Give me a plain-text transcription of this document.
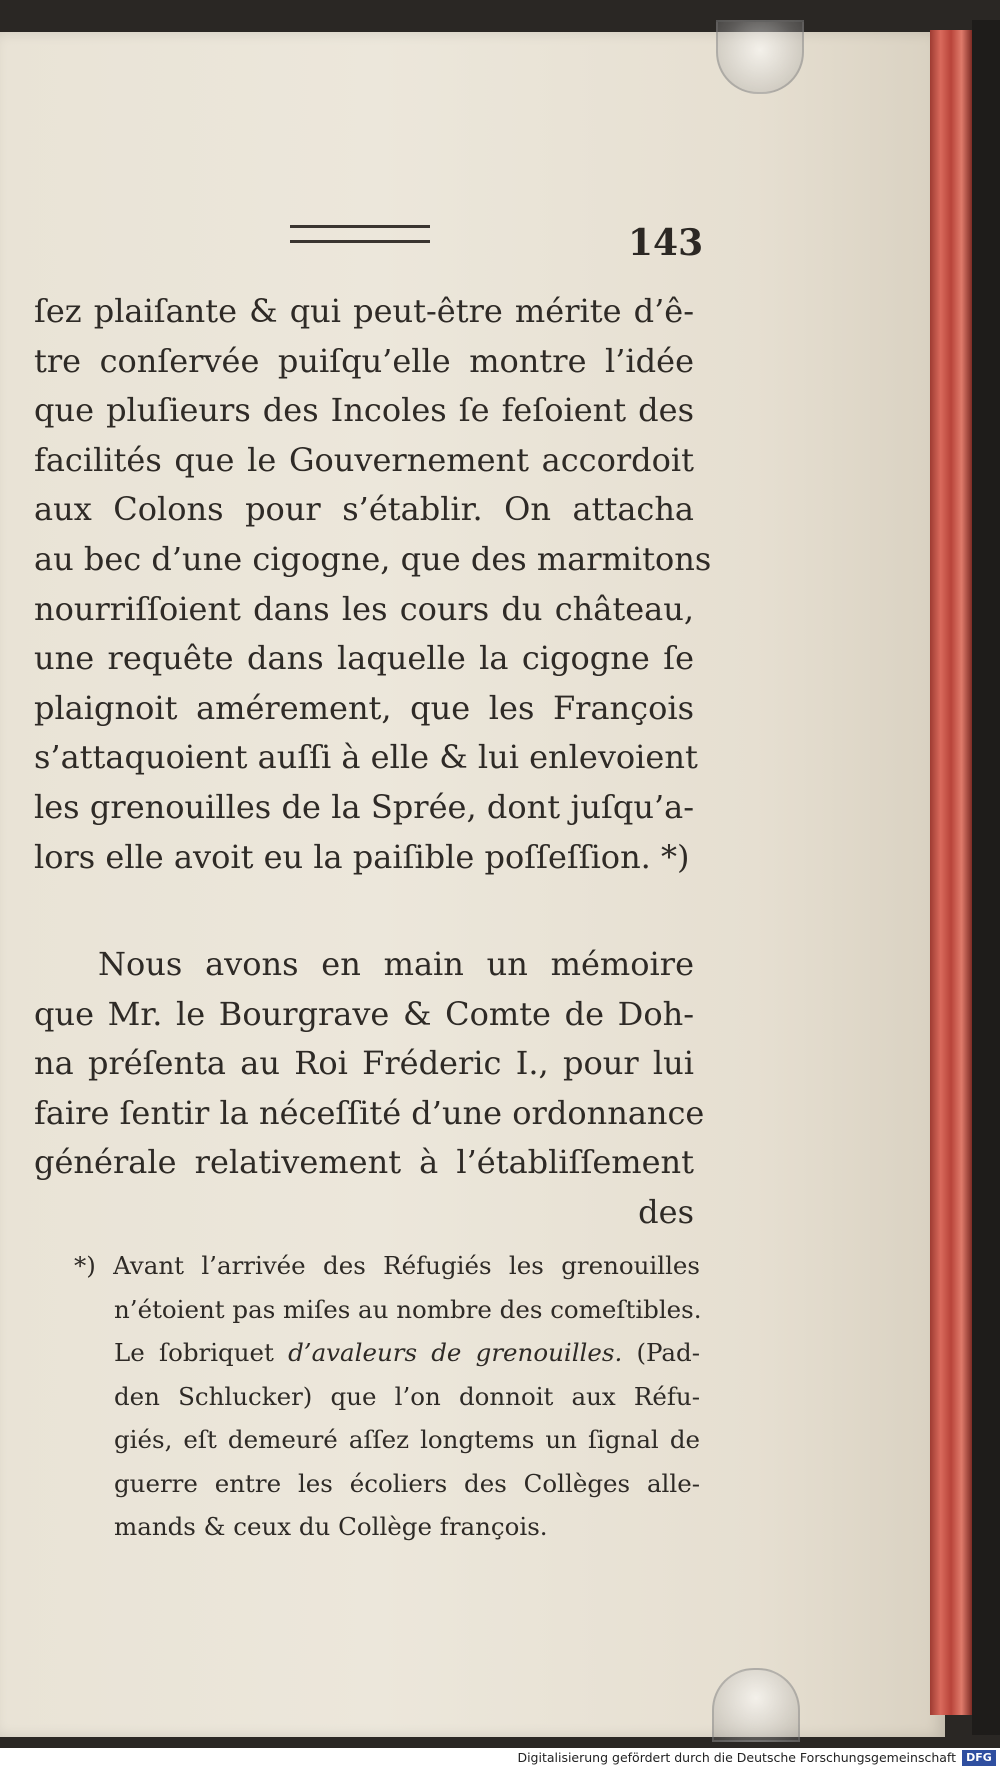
143
ſez plaiſante & qui peut-être mérite d’ê-
tre conſervée puiſqu’elle montre l’idée
que pluſieurs des Incoles ſe feſoient des
facilités que le Gouvernement accordoit
aux Colons pour s’établir. On attacha
au bec d’une cigogne, que des marmitons
nourriſſoient dans les cours du château,
une requête dans laquelle la cigogne ſe
plaignoit amérement, que les François
s’attaquoient auſſi à elle & lui enlevoient
les grenouilles de la Sprée, dont juſqu’a-
lors elle avoit eu la paiſible poſſeſſion. *)
Nous avons en main un mémoire
que Mr. le Bourgrave & Comte de Doh-
na préſenta au Roi Fréderic I., pour lui
faire ſentir la néceſſité d’une ordonnance
générale relativement à l’établiſſement
des
*) Avant l’arrivée des Réfugiés les grenouilles
n’étoient pas miſes au nombre des comeſtibles.
Le ſobriquet d’avaleurs de grenouilles. (Pad-
den Schlucker) que l’on donnoit aux Réfu-
giés, eſt demeuré aſſez longtems un ſignal de
guerre entre les écoliers des Collèges alle-
mands & ceux du Collège françois.
Digitalisierung gefördert durch die Deutsche Forschungsgemeinschaft DFG
